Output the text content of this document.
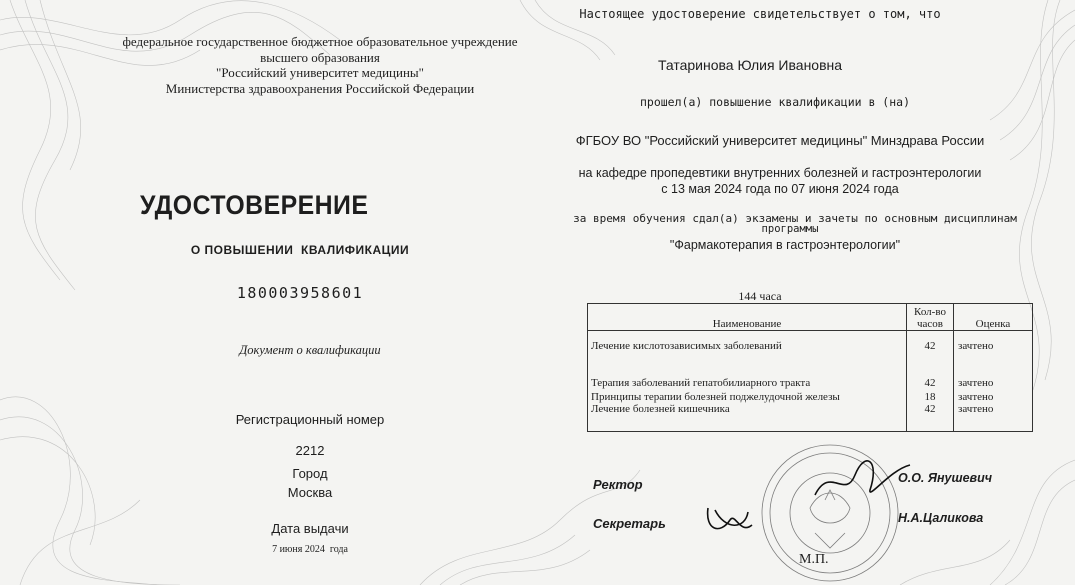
федеральное государственное бюджетное образовательное учреждение
высшего образования
"Российский университет медицины"
Министерства здравоохранения Российской Федерации
УДОСТОВЕРЕНИЕ
О ПОВЫШЕНИИ  КВАЛИФИКАЦИИ
180003958601
Документ о квалификации
Регистрационный номер
2212
Город
Москва
Дата выдачи
7 июня 2024  года
Настоящее удостоверение свидетельствует о том, что
Татаринова Юлия Ивановна
прошел(а) повышение квалификации в (на)
ФГБОУ ВО "Российский университет медицины" Минздрава России
на кафедре пропедевтики внутренних болезней и гастроэнтерологии
с 13 мая 2024 года по 07 июня 2024 года
за время обучения сдал(а) экзамены и зачеты по основным дисциплинам
программы
"Фармакотерапия в гастроэнтерологии"
144 часа
Наименование	Кол-во часов	Оценка
Лечение кислотозависимых заболеваний	42	зачтено
Терапия заболеваний гепатобилиарного тракта	42	зачтено
Принципы терапии болезней поджелудочной железы	18	зачтено
Лечение болезней кишечника	42	зачтено
Ректор	О.О. Янушевич
Секретарь	Н.А.Цаликова
М.П.
